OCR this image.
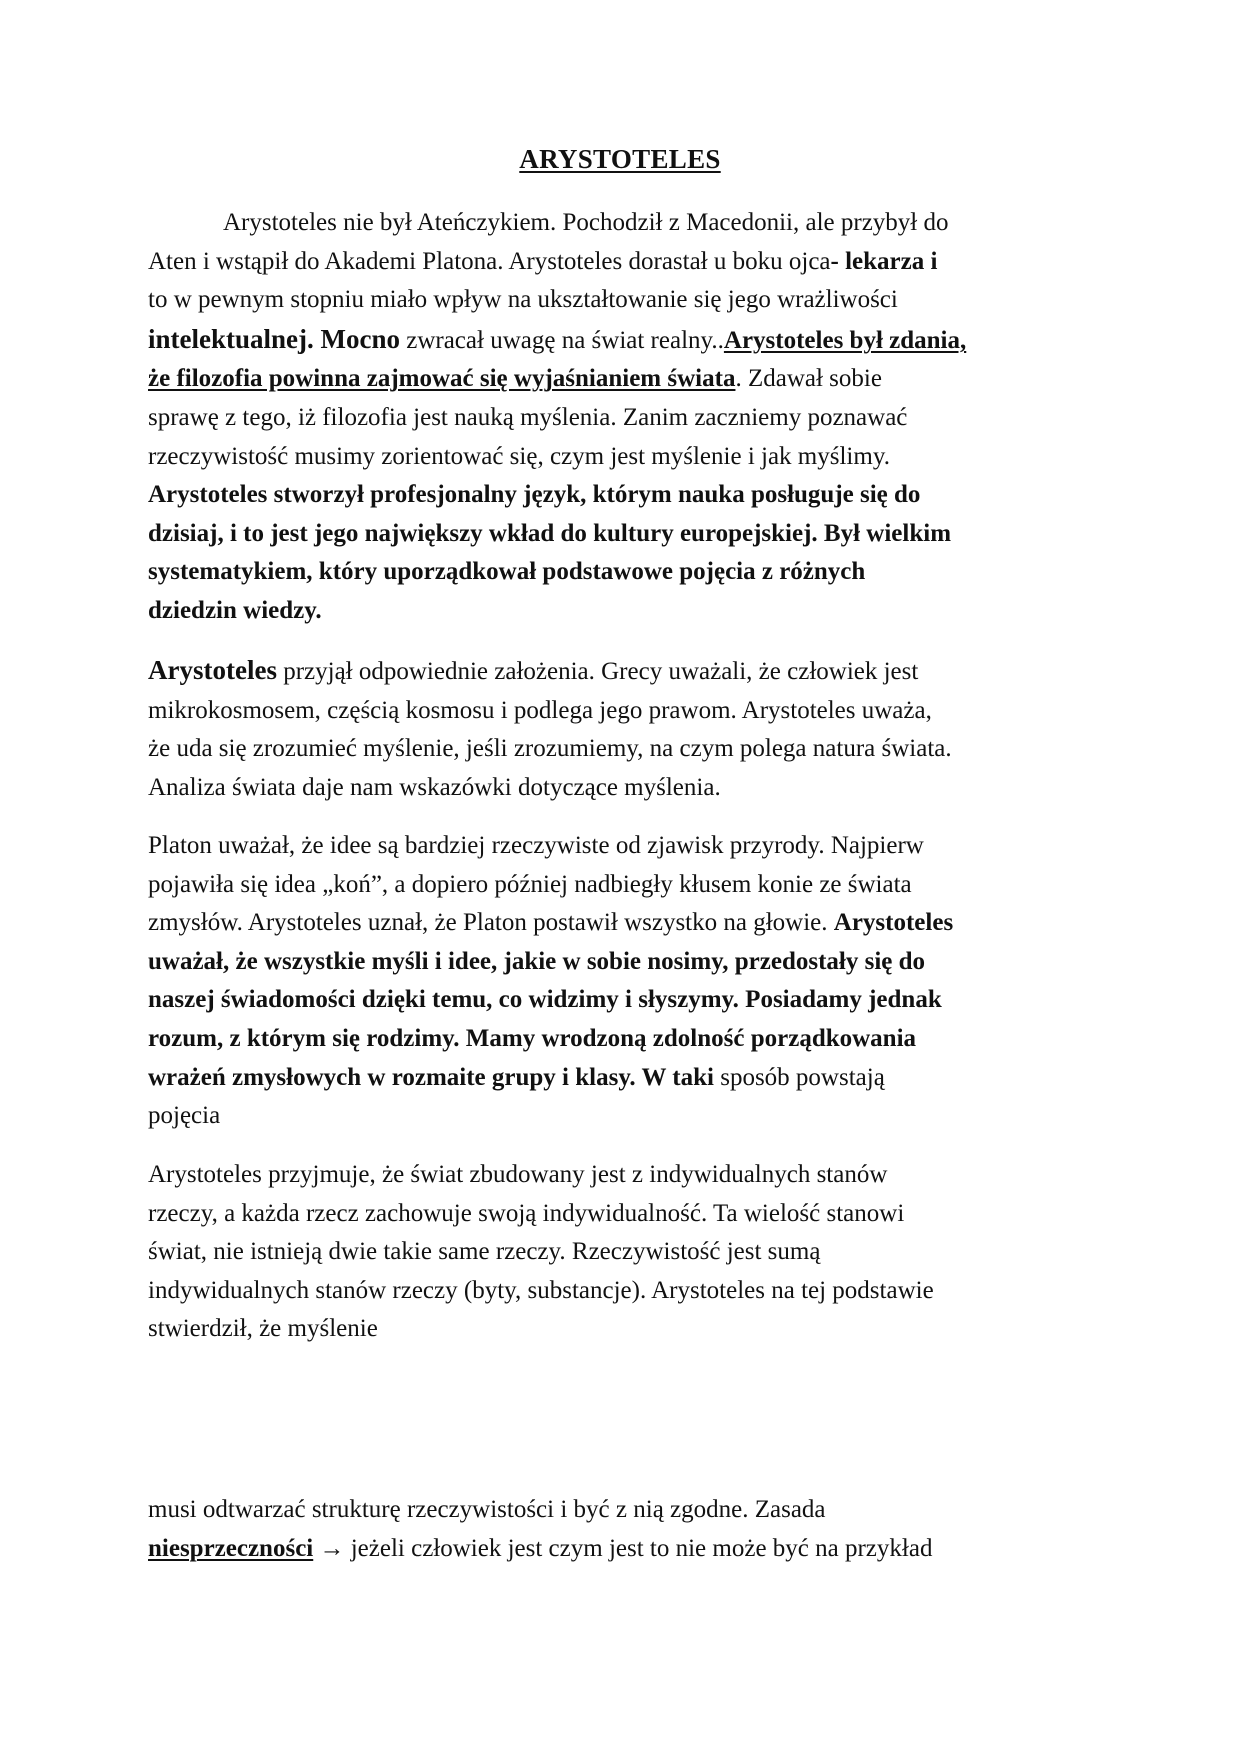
ARYSTOTELES
Arystoteles nie był Ateńczykiem. Pochodził z Macedonii, ale przybył do
Aten i wstąpił do Akademi Platona. Arystoteles dorastał u boku ojca- lekarza i
to w pewnym stopniu miało wpływ na ukształtowanie się jego wrażliwości
intelektualnej. Mocno zwracał uwagę na świat realny..Arystoteles był zdania,
że filozofia powinna zajmować się wyjaśnianiem świata. Zdawał sobie
sprawę z tego, iż filozofia jest nauką myślenia. Zanim zaczniemy poznawać
rzeczywistość musimy zorientować się, czym jest myślenie i jak myślimy.
Arystoteles stworzył profesjonalny język, którym nauka posługuje się do
dzisiaj, i to jest jego największy wkład do kultury europejskiej. Był wielkim
systematykiem, który uporządkował podstawowe pojęcia z różnych
dziedzin wiedzy.
Arystoteles przyjął odpowiednie założenia. Grecy uważali, że człowiek jest
mikrokosmosem, częścią kosmosu i podlega jego prawom. Arystoteles uważa,
że uda się zrozumieć myślenie, jeśli zrozumiemy, na czym polega natura świata.
Analiza świata daje nam wskazówki dotyczące myślenia.
Platon uważał, że idee są bardziej rzeczywiste od zjawisk przyrody. Najpierw
pojawiła się idea „koń”, a dopiero później nadbiegły kłusem konie ze świata
zmysłów. Arystoteles uznał, że Platon postawił wszystko na głowie. Arystoteles
uważał, że wszystkie myśli i idee, jakie w sobie nosimy, przedostały się do
naszej świadomości dzięki temu, co widzimy i słyszymy. Posiadamy jednak
rozum, z którym się rodzimy. Mamy wrodzoną zdolność porządkowania
wrażeń zmysłowych w rozmaite grupy i klasy. W taki sposób powstają
pojęcia
Arystoteles przyjmuje, że świat zbudowany jest z indywidualnych stanów
rzeczy, a każda rzecz zachowuje swoją indywidualność. Ta wielość stanowi
świat, nie istnieją dwie takie same rzeczy. Rzeczywistość jest sumą
indywidualnych stanów rzeczy (byty, substancje). Arystoteles na tej podstawie
stwierdził, że myślenie
musi odtwarzać strukturę rzeczywistości i być z nią zgodne. Zasada
niesprzeczności → jeżeli człowiek jest czym jest to nie może być na przykład
